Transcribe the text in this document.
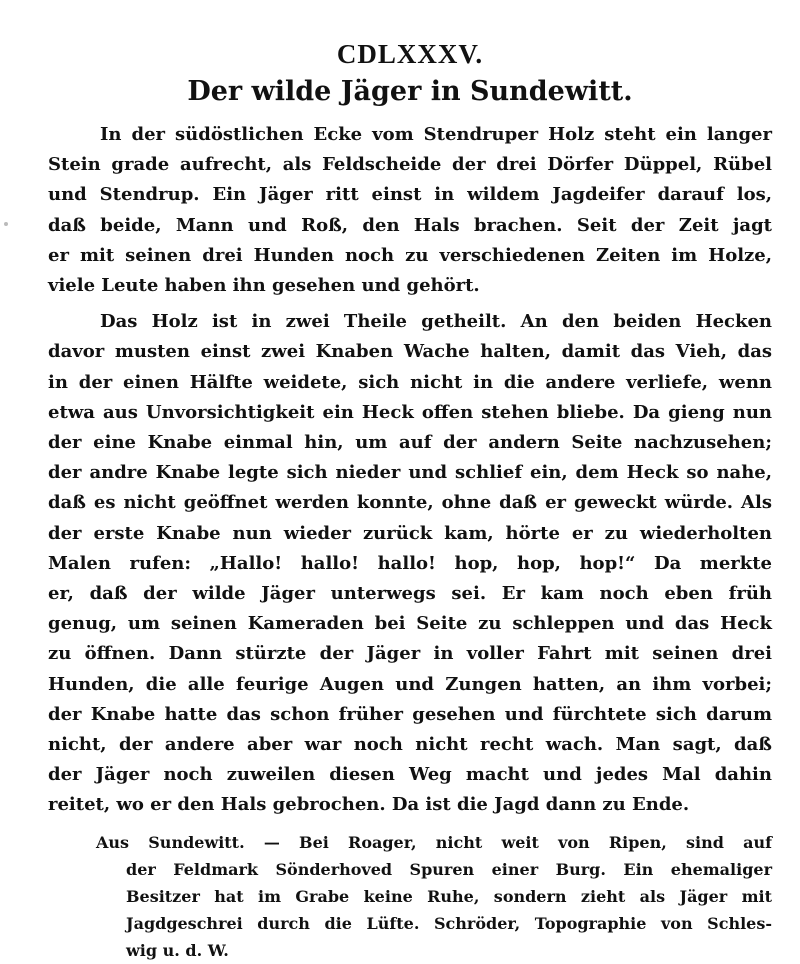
CDLXXXV.
Der wilde Jäger in Sundewitt.
In der südöstlichen Ecke vom Stendruper Holz steht ein langer
Stein grade aufrecht, als Feldscheide der drei Dörfer Düppel, Rübel
und Stendrup. Ein Jäger ritt einst in wildem Jagdeifer darauf los,
daß beide, Mann und Roß, den Hals brachen. Seit der Zeit jagt
er mit seinen drei Hunden noch zu verschiedenen Zeiten im Holze,
viele Leute haben ihn gesehen und gehört.
Das Holz ist in zwei Theile getheilt. An den beiden Hecken
davor musten einst zwei Knaben Wache halten, damit das Vieh, das
in der einen Hälfte weidete, sich nicht in die andere verliefe, wenn
etwa aus Unvorsichtigkeit ein Heck offen stehen bliebe. Da gieng nun
der eine Knabe einmal hin, um auf der andern Seite nachzusehen;
der andre Knabe legte sich nieder und schlief ein, dem Heck so nahe,
daß es nicht geöffnet werden konnte, ohne daß er geweckt würde. Als
der erste Knabe nun wieder zurück kam, hörte er zu wiederholten
Malen rufen: „Hallo! hallo! hallo! hop, hop, hop!“ Da merkte
er, daß der wilde Jäger unterwegs sei. Er kam noch eben früh
genug, um seinen Kameraden bei Seite zu schleppen und das Heck
zu öffnen. Dann stürzte der Jäger in voller Fahrt mit seinen drei
Hunden, die alle feurige Augen und Zungen hatten, an ihm vorbei;
der Knabe hatte das schon früher gesehen und fürchtete sich darum
nicht, der andere aber war noch nicht recht wach. Man sagt, daß
der Jäger noch zuweilen diesen Weg macht und jedes Mal dahin
reitet, wo er den Hals gebrochen. Da ist die Jagd dann zu Ende.
Aus Sundewitt. — Bei Roager, nicht weit von Ripen, sind auf
der Feldmark Sönderhoved Spuren einer Burg. Ein ehemaliger
Besitzer hat im Grabe keine Ruhe, sondern zieht als Jäger mit
Jagdgeschrei durch die Lüfte. Schröder, Topographie von Schles-
wig u. d. W.
